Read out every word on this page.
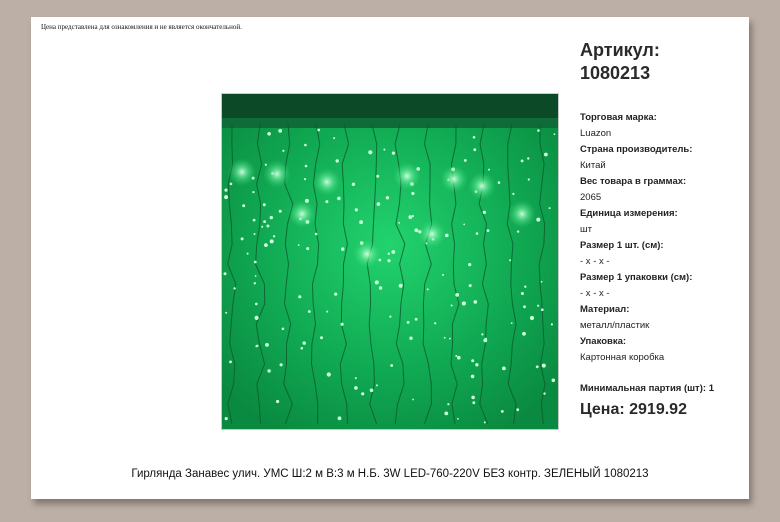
Цена представлена для ознакомления и не является окончательной.
Артикул:
1080213
Торговая марка:
Luazon
Страна производитель:
Китай
Вес товара в граммах:
2065
Единица измерения:
шт
Размер 1 шт. (см):
- x - x -
Размер 1 упаковки (см):
- x - x -
Материал:
металл/пластик
Упаковка:
Картонная коробка
Минимальная партия (шт): 1
Цена: 2919.92
Гирлянда Занавес улич. УМС Ш:2 м В:3 м Н.Б. 3W LED-760-220V БЕЗ контр. ЗЕЛЕНЫЙ 1080213
